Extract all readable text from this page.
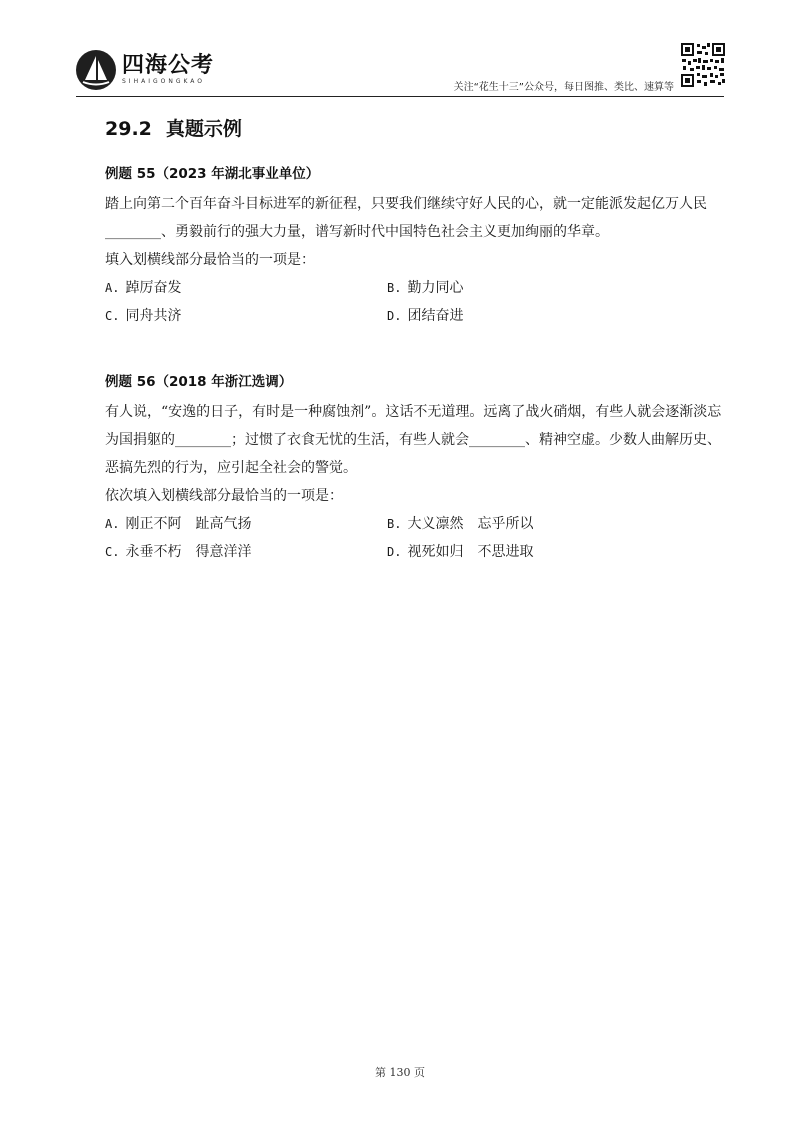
四海公考
SIHAIGONGKAO
关注“花生十三”公众号，每日图推、类比、速算等
29.2 真题示例

例题 55（2023 年湖北事业单位）

踏上向第二个百年奋斗目标进军的新征程，只要我们继续守好人民的心，就一定能派发起亿万人民________、勇毅前行的强大力量，谱写新时代中国特色社会主义更加绚丽的华章。

填入划横线部分最恰当的一项是：

A. 踔厉奋发	B. 勤力同心
C. 同舟共济	D. 团结奋进

例题 56（2018 年浙江选调）

有人说，“安逸的日子，有时是一种腐蚀剂”。这话不无道理。远离了战火硝烟，有些人就会逐渐淡忘为国捐躯的________；过惯了衣食无忧的生活，有些人就会________、精神空虚。少数人曲解历史、恶搞先烈的行为，应引起全社会的警觉。

依次填入划横线部分最恰当的一项是：

A. 刚正不阿　趾高气扬	B. 大义凛然　忘乎所以
C. 永垂不朽　得意洋洋	D. 视死如归　不思进取
第 130 页
